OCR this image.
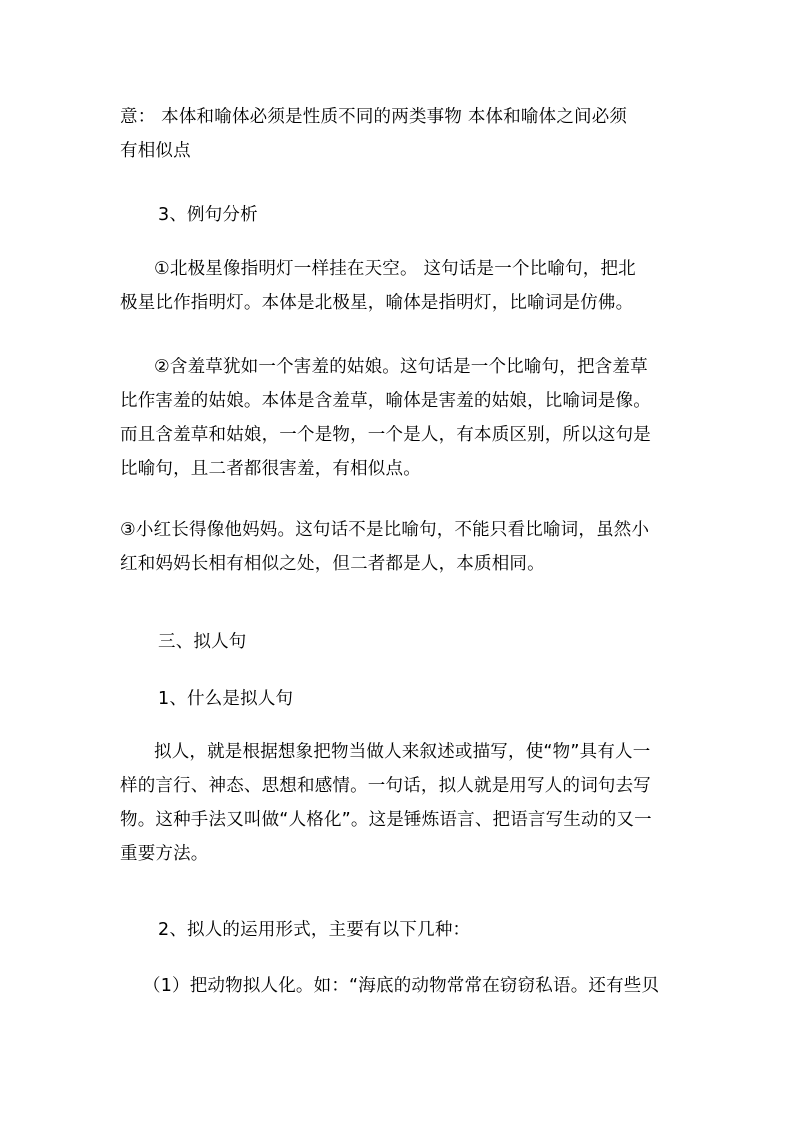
意： 本体和喻体必须是性质不同的两类事物 本体和喻体之间必须
有相似点
3、例句分析
①北极星像指明灯一样挂在天空。 这句话是一个比喻句，把北
极星比作指明灯。本体是北极星，喻体是指明灯，比喻词是仿佛。
②含羞草犹如一个害羞的姑娘。这句话是一个比喻句，把含羞草
比作害羞的姑娘。本体是含羞草，喻体是害羞的姑娘，比喻词是像。
而且含羞草和姑娘，一个是物，一个是人，有本质区别，所以这句是
比喻句，且二者都很害羞，有相似点。
③小红长得像他妈妈。这句话不是比喻句，不能只看比喻词，虽然小
红和妈妈长相有相似之处，但二者都是人，本质相同。
三、拟人句
1、什么是拟人句
拟人，就是根据想象把物当做人来叙述或描写，使“物”具有人一
样的言行、神态、思想和感情。一句话，拟人就是用写人的词句去写
物。这种手法又叫做“人格化”。这是锤炼语言、把语言写生动的又一
重要方法。
2、拟人的运用形式，主要有以下几种：
（1）把动物拟人化。如：“海底的动物常常在窃窃私语。还有些贝
